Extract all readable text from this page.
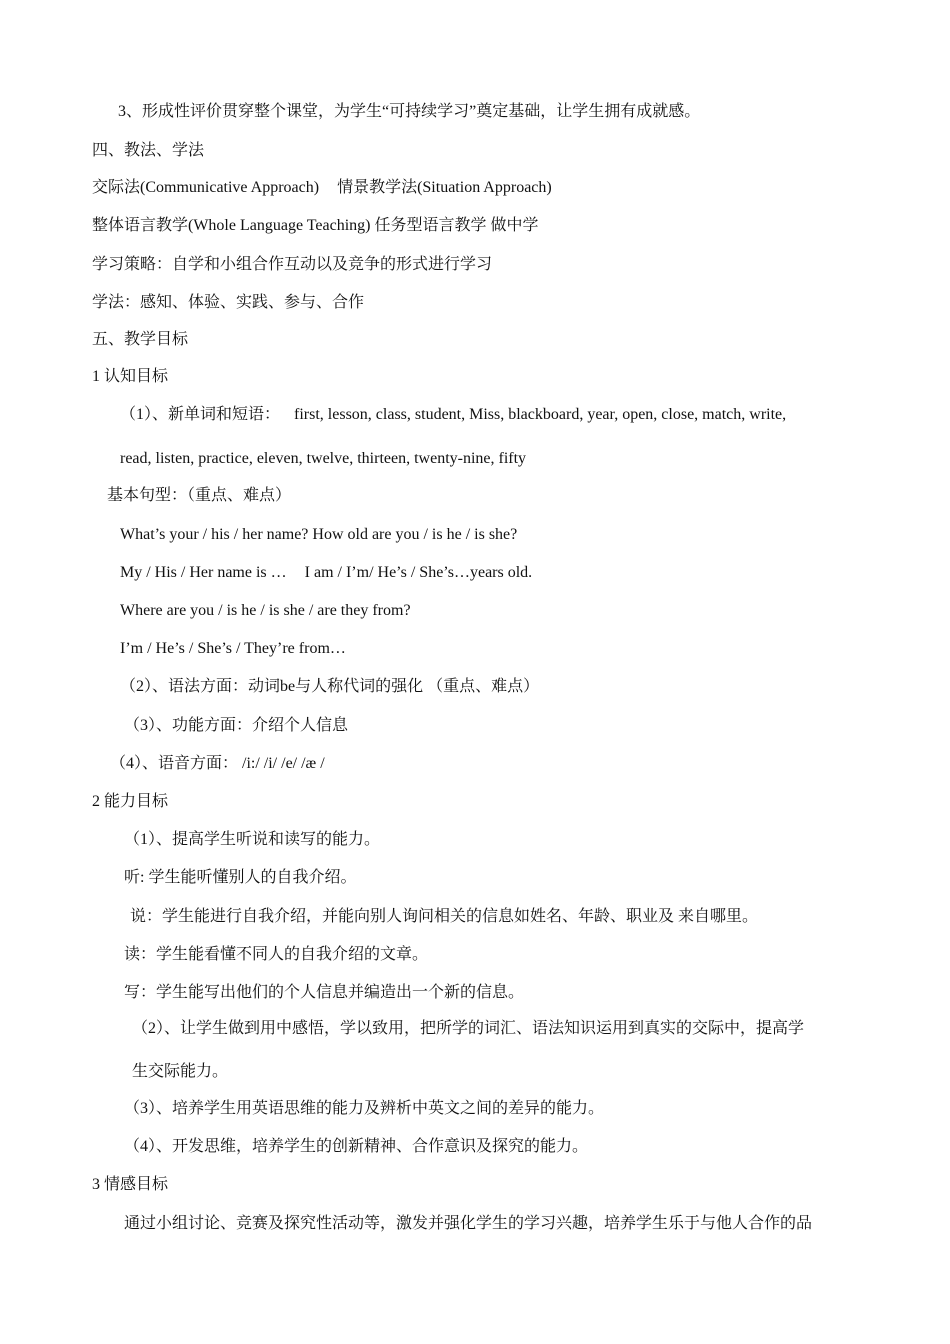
3、形成性评价贯穿整个课堂，为学生“可持续学习”奠定基础，让学生拥有成就感。
四、教法、学法
交际法(Communicative Approach) 情景教学法(Situation Approach)
整体语言教学(Whole Language Teaching) 任务型语言教学 做中学
学习策略：自学和小组合作互动以及竞争的形式进行学习
学法：感知、体验、实践、参与、合作
五、教学目标
1 认知目标
（1）、新单词和短语： first, lesson, class, student, Miss, blackboard, year, open, close, match, write,
read, listen, practice, eleven, twelve, thirteen, twenty-nine, fifty
基本句型：（重点、难点）
What’s your / his / her name? How old are you / is he / is she?
My / His / Her name is … I am / I’m/ He’s / She’s…years old.
Where are you / is he / is she / are they from?
I’m / He’s / She’s / They’re from…
（2）、语法方面：动词be与人称代词的强化 （重点、难点）
（3）、功能方面：介绍个人信息
（4）、语音方面： /i:/ /i/ /e/ /æ /
2 能力目标
（1）、提高学生听说和读写的能力。
听: 学生能听懂别人的自我介绍。
说：学生能进行自我介绍，并能向别人询问相关的信息如姓名、年龄、职业及 来自哪里。
读：学生能看懂不同人的自我介绍的文章。
写：学生能写出他们的个人信息并编造出一个新的信息。
（2）、让学生做到用中感悟，学以致用，把所学的词汇、语法知识运用到真实的交际中，提高学
生交际能力。
（3）、培养学生用英语思维的能力及辨析中英文之间的差异的能力。
（4）、开发思维，培养学生的创新精神、合作意识及探究的能力。
3 情感目标
通过小组讨论、竞赛及探究性活动等，激发并强化学生的学习兴趣，培养学生乐于与他人合作的品
